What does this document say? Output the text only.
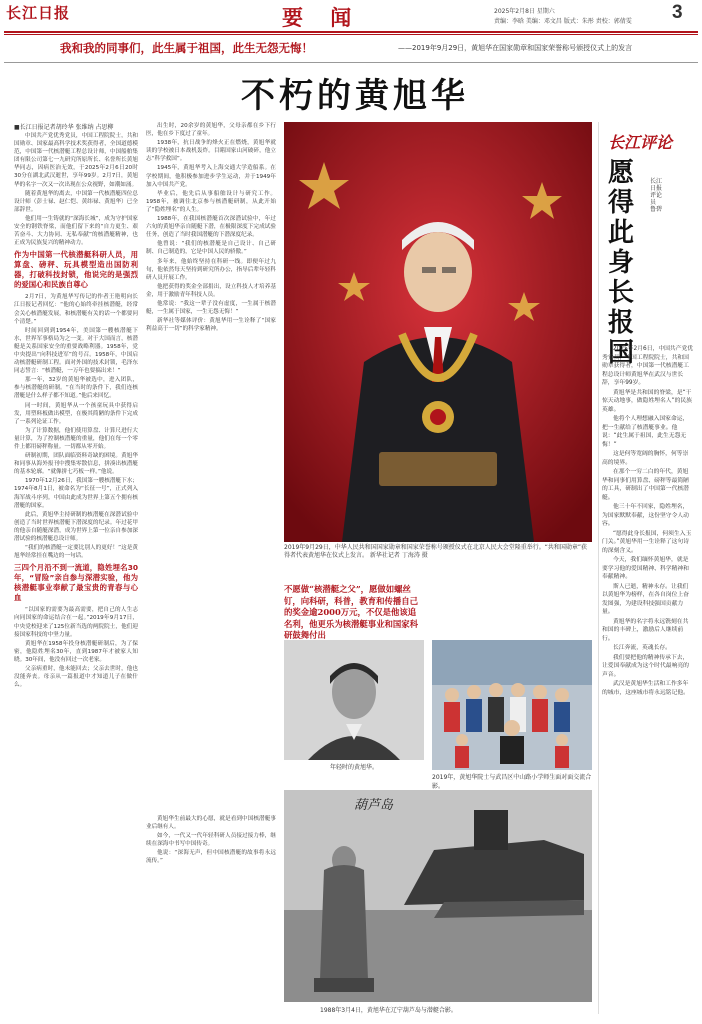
长江日报	要 闻	2025年2月8日 星期六
责编：李晗 美编：邓文昌 版式：朱彤 责校：郭倩雯 3
我和我的同事们，此生属于祖国，此生无怨无悔！	——2019年9月29日，黄旭华在国家勋章和国家荣誉称号颁授仪式上的发言
不朽的黄旭华
■长江日报记者胡玲华 张维纳 占思柳

中国共产党优秀党员，中国工程院院士，共和国勋章、国家最高科学技术奖获得者，全国道德模范，中国第一代核潜艇工程总设计师，中国船舶集团有限公司第七一九研究所原所长、名誉所长黄旭华同志，因病医治无效，于2025年2月6日20时30分在湖北武汉逝世，享年99岁。2月7日，黄旭华的名字一次又一次出现在公众视野，如潮如涌。

随着黄旭华的离去，中国第一代核潜艇四位总设计师（彭士禄、赵仁恺、黄纬禄、黄旭华）已全部辞世。

他们用一生铸就的“深海长城”，成为守护国家安全的钢铁脊梁，而他们留下来的“自力更生、艰苦奋斗、大力协同、无私奉献”的核潜艇精神，也正成为民族复兴的精神动力。

作为中国第一代核潜艇科研人员，用算盘、磅秤、玩具模型造出国防利器，打破科技封锁，他说完的是强烈的爱国心和民族自尊心

2月7日，为黄旭华写传记的作者王艳明向长江日报记者回忆：“他的心始终牵挂核潜艇，经常会关心核潜艇发展，和核潜艇有关的话一个都要问个清楚。”

时间回到到1954年，美国第一艘核潜艇下水，世界军事格局为之一变。对于大国而言，核潜艇是关系国家安全的重要战略利器。1958年，党中央提出“向科技进军”的号召。1958年，中国启动核潜艇研制工程。面对外国的技术封锁，毛泽东同志誓言：“核潜艇，一万年也要搞出来！”

那一年，32岁的黄旭华被选中，进入团队，参与核潜艇的研制。“在当时的条件下，我们连核潜艇是什么样子都不知道。”他后来回忆。

同一时间，黄旭华从一个孩童玩具中获得启发，用塑料板做出模型，在极其简陋的条件下完成了一系列论证工作。

为了计算数据，他们使用算盘、计算尺进行大量计算，为了控制核潜艇的重量，他们在每一个零件上都用磅秤称量。一切都从零开始。

研制初期，团队面临资料奇缺的困境。黄旭华和同事从海外报刊中搜集零散信息，拼凑出核潜艇的基本轮廓。“就像拼七巧板一样。”他说。

1970年12月26日，我国第一艘核潜艇下水；1974年8月1日，被命名为“长征一号”，正式列入海军战斗序列。中国由此成为世界上第五个拥有核潜艇的国家。

此后，黄旭华主持研制的核潜艇在深潜试验中创造了当时世界核潜艇下潜深度的纪录。年过花甲的他亲自随艇深潜，成为世界上第一位亲自参加深潜试验的核潜艇总设计师。

“我们的核潜艇一定要比别人的更好！”这是黄旭华经常挂在嘴边的一句话。

三四个月沿不到一流道，隐姓埋名30年，“冒险”亲自参与深潜实验，他为核潜艇事业奉献了最宝贵的青春与心血

“以国家的需要为最高需要，把自己的人生志向同国家的命运结合在一起。”2019年9月17日，中央党校迎来了125位新当选的两院院士，他们迎接国家科技的中坚力量。

黄旭华在1958年投身核潜艇研制后，为了保密，他隐姓埋名30年，直到1987年才被家人知晓。30年间，他没有回过一次老家。

父亲病重时，他未能回去；父亲去世时，他也没能奔丧。母亲从一篇报道中才知道儿子在做什么。

出生时，20余岁的黄旭华，父母亲都在乡下行医，他在乡下度过了童年。

1938年，抗日战争的烽火正在燃烧，黄旭华就读的学校被日本战机轰炸。目睹国家山河破碎，他立志“科学救国”。

1945年，黄旭华考入上海交通大学造船系。在学校期间，他积极参加进步学生运动，并于1949年加入中国共产党。

毕业后，他先后从事船舶设计与研究工作。1958年，被调往北京参与核潜艇研制，从此开始了“隐姓埋名”的人生。

1988年，在我国核潜艇首次深潜试验中，年过六旬的黄旭华亲自随艇下潜，在极限深度下完成试验任务，创造了当时我国潜艇的下潜深度纪录。

他曾说：“我们的核潜艇是自己设计、自己研制、自己制造的，它是中国人民的骄傲。”

多年来，他始终坚持在科研一线。即便年过九旬，他依然每天坚持到研究所办公，指导后辈年轻科研人员开展工作。

他把获得的奖金全部捐出，设立科技人才培养基金，用于激励青年科技人员。

他常说：“我这一辈子没有虚度，一生属于核潜艇，一生属于国家，一生无怨无悔！”

新华社等媒体评价：黄旭华用一生诠释了“国家利益高于一切”的科学家精神。

黄旭华生前最大的心愿，就是看到中国核潜艇事业后继有人。

如今，一代又一代年轻科研人员接过接力棒，继续在深海中书写中国传奇。

他说：“深海无声，但中国核潜艇的故事将永远流传。”

2019年9月29日，中华人民共和国国家勋章和国家荣誉称号颁授仪式在北京人民大会堂隆重举行。“共和国勋章”获得者代表黄旭华在仪式上发言。 新华社记者 丁海涛 摄
不愿做“核潜艇之父”，愿做如螺丝钉，向科研，科普，教育和传播自己的奖金逾2000万元，不仅是他该追名利，他更乐为核潜艇事业和国家科研鼓舞付出
年轻时的黄旭华。
2019年，黄旭华院士与武昌区中山路小学师生面对面交流合影。
葫芦岛
1988年3月4日，黄旭华在辽宁葫芦岛与潜艇合影。
长江评论
愿得此身长报国
长江日报评论员 鲁碧

2025年2月6日，中国共产党优秀党员，中国工程院院士，共和国勋章获得者，中国第一代核潜艇工程总设计师黄旭华在武汉与世长辞，享年99岁。

黄旭华是共和国的脊梁，是“干惊天动地事，做隐姓埋名人”的民族英雄。

他将个人理想融入国家命运，把一生献给了核潜艇事业。他说：“此生属于祖国，此生无怨无悔！”

这是何等宽阔的胸怀，何等崇高的境界。

在那个一穷二白的年代，黄旭华和同事们用算盘、磅秤等最简陋的工具，研制出了中国第一代核潜艇。

他三十年不回家，隐姓埋名，为国家默默奉献，这份坚守令人动容。

“愿得此身长报国，何须生入玉门关。”黄旭华用一生诠释了这句诗的深刻含义。

今天，我们缅怀黄旭华，就是要学习他的爱国精神、科学精神和奉献精神。

斯人已逝，精神永存。让我们以黄旭华为榜样，在各自岗位上奋发图强，为建设科技强国贡献力量。

黄旭华的名字将永远镌刻在共和国的丰碑上，激励后人继续前行。

长江奔流，英魂长存。

我们要把他的精神传承下去，让爱国奉献成为这个时代最响亮的声音。

武汉是黄旭华生活和工作多年的城市，这座城市将永远铭记他。
